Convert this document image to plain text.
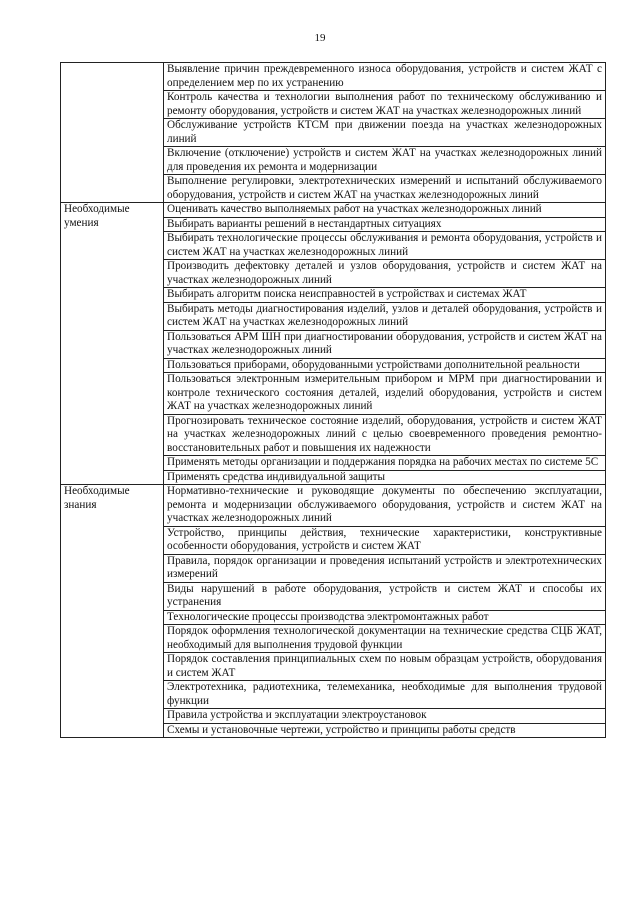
19
	Выявление причин преждевременного износа оборудования, устройств и систем ЖАТ с определением мер по их устранению
	Контроль качества и технологии выполнения работ по техническому обслуживанию и ремонту оборудования, устройств и систем ЖАТ на участках железнодорожных линий
	Обслуживание устройств КТСМ при движении поезда на участках железнодорожных линий
	Включение (отключение) устройств и систем ЖАТ на участках железнодорожных линий для проведения их ремонта и модернизации
	Выполнение регулировки, электротехнических измерений и испытаний обслуживаемого оборудования, устройств и систем ЖАТ на участках железнодорожных линий
Необходимые умения	Оценивать качество выполняемых работ на участках железнодорожных линий
	Выбирать варианты решений в нестандартных ситуациях
	Выбирать технологические процессы обслуживания и ремонта оборудования, устройств и систем ЖАТ на участках железнодорожных линий
	Производить дефектовку деталей и узлов оборудования, устройств и систем ЖАТ на участках железнодорожных линий
	Выбирать алгоритм поиска неисправностей в устройствах и системах ЖАТ
	Выбирать методы диагностирования изделий, узлов и деталей оборудования, устройств и систем ЖАТ на участках железнодорожных линий
	Пользоваться АРМ ШН при диагностировании оборудования, устройств и систем ЖАТ на участках железнодорожных линий
	Пользоваться приборами, оборудованными устройствами дополнительной реальности
	Пользоваться электронным измерительным прибором и МРМ при диагностировании и контроле технического состояния деталей, изделий оборудования, устройств и систем ЖАТ на участках железнодорожных линий
	Прогнозировать техническое состояние изделий, оборудования, устройств и систем ЖАТ на участках железнодорожных линий с целью своевременного проведения ремонтно-восстановительных работ и повышения их надежности
	Применять методы организации и поддержания порядка на рабочих местах по системе 5С
	Применять средства индивидуальной защиты
Необходимые знания	Нормативно-технические и руководящие документы по обеспечению эксплуатации, ремонта и модернизации обслуживаемого оборудования, устройств и систем ЖАТ на участках железнодорожных линий
	Устройство, принципы действия, технические характеристики, конструктивные особенности оборудования, устройств и систем ЖАТ
	Правила, порядок организации и проведения испытаний устройств и электротехнических измерений
	Виды нарушений в работе оборудования, устройств и систем ЖАТ и способы их устранения
	Технологические процессы производства электромонтажных работ
	Порядок оформления технологической документации на технические средства СЦБ ЖАТ, необходимый для выполнения трудовой функции
	Порядок составления принципиальных схем по новым образцам устройств, оборудования и систем ЖАТ
	Электротехника, радиотехника, телемеханика, необходимые для выполнения трудовой функции
	Правила устройства и эксплуатации электроустановок
	Схемы и установочные чертежи, устройство и принципы работы средств
